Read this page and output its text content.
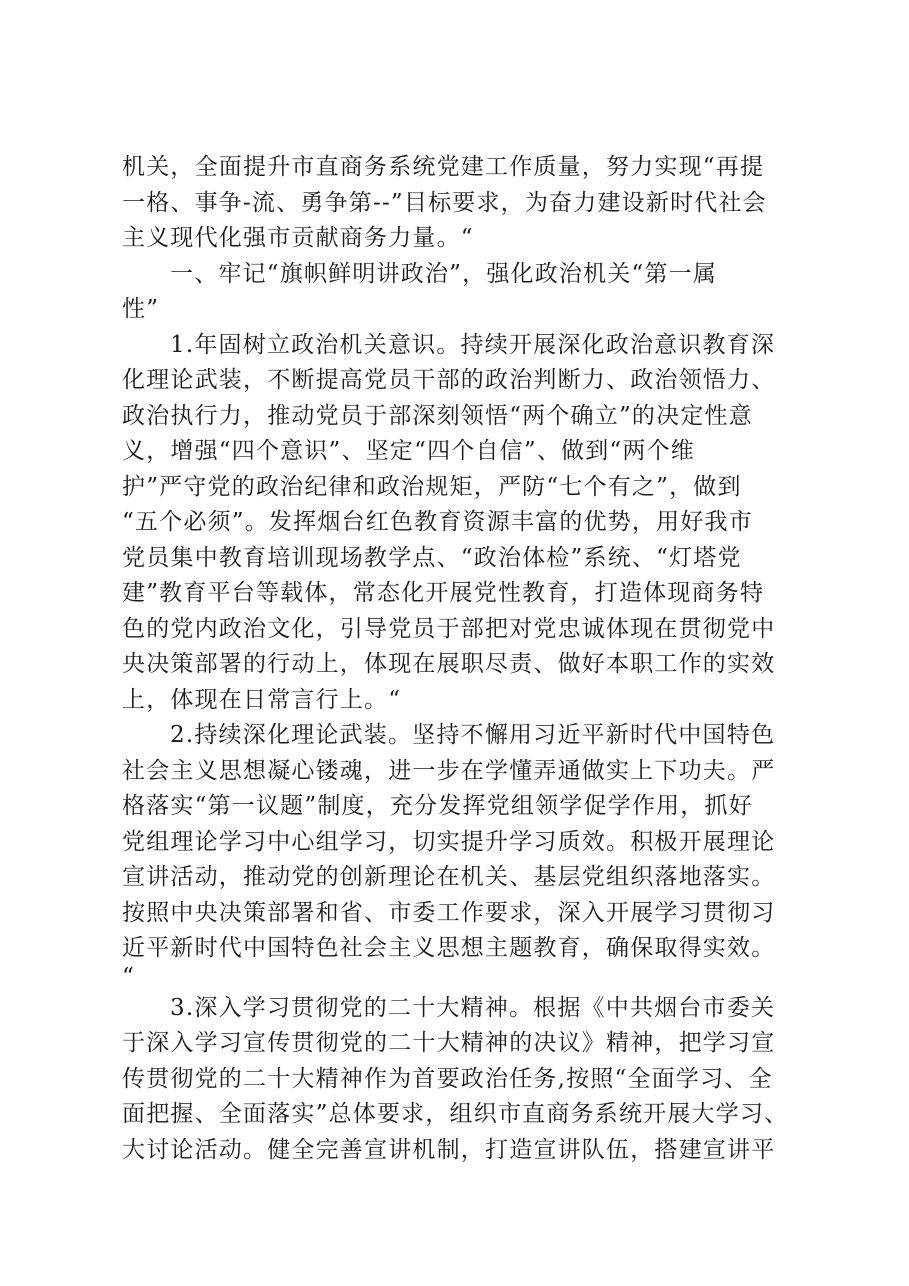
机关，全面提升市直商务系统党建工作质量，努力实现“再提
一格、事争-流、勇争第--”目标要求，为奋力建设新时代社会
主义现代化强市贡献商务力量。“
一、牢记“旗帜鲜明讲政治”，强化政治机关“第一属
性”
1.年固树立政治机关意识。持续开展深化政治意识教育深
化理论武装，不断提高党员干部的政治判断力、政治领悟力、
政治执行力，推动党员于部深刻领悟“两个确立”的决定性意
义，增强“四个意识”、坚定“四个自信”、做到“两个维
护”严守党的政治纪律和政治规矩，严防“七个有之”，做到
“五个必须”。发挥烟台红色教育资源丰富的优势，用好我市
党员集中教育培训现场教学点、“政治体检”系统、“灯塔党
建”教育平台等载体，常态化开展党性教育，打造体现商务特
色的党内政治文化，引导党员于部把对党忠诚体现在贯彻党中
央决策部署的行动上，体现在展职尽责、做好本职工作的实效
上，体现在日常言行上。“
2.持续深化理论武装。坚持不懈用习近平新时代中国特色
社会主义思想凝心镂魂，进一步在学懂弄通做实上下功夫。严
格落实“第一议题”制度，充分发挥党组领学促学作用，抓好
党组理论学习中心组学习，切实提升学习质效。积极开展理论
宣讲活动，推动党的创新理论在机关、基层党组织落地落实。
按照中央决策部署和省、市委工作要求，深入开展学习贯彻习
近平新时代中国特色社会主义思想主题教育，确保取得实效。
“
3.深入学习贯彻党的二十大精神。根据《中共烟台市委关
于深入学习宣传贯彻党的二十大精神的决议》精神，把学习宣
传贯彻党的二十大精神作为首要政治任务,按照“全面学习、全
面把握、全面落实”总体要求，组织市直商务系统开展大学习、
大讨论活动。健全完善宣讲机制，打造宣讲队伍，搭建宣讲平
